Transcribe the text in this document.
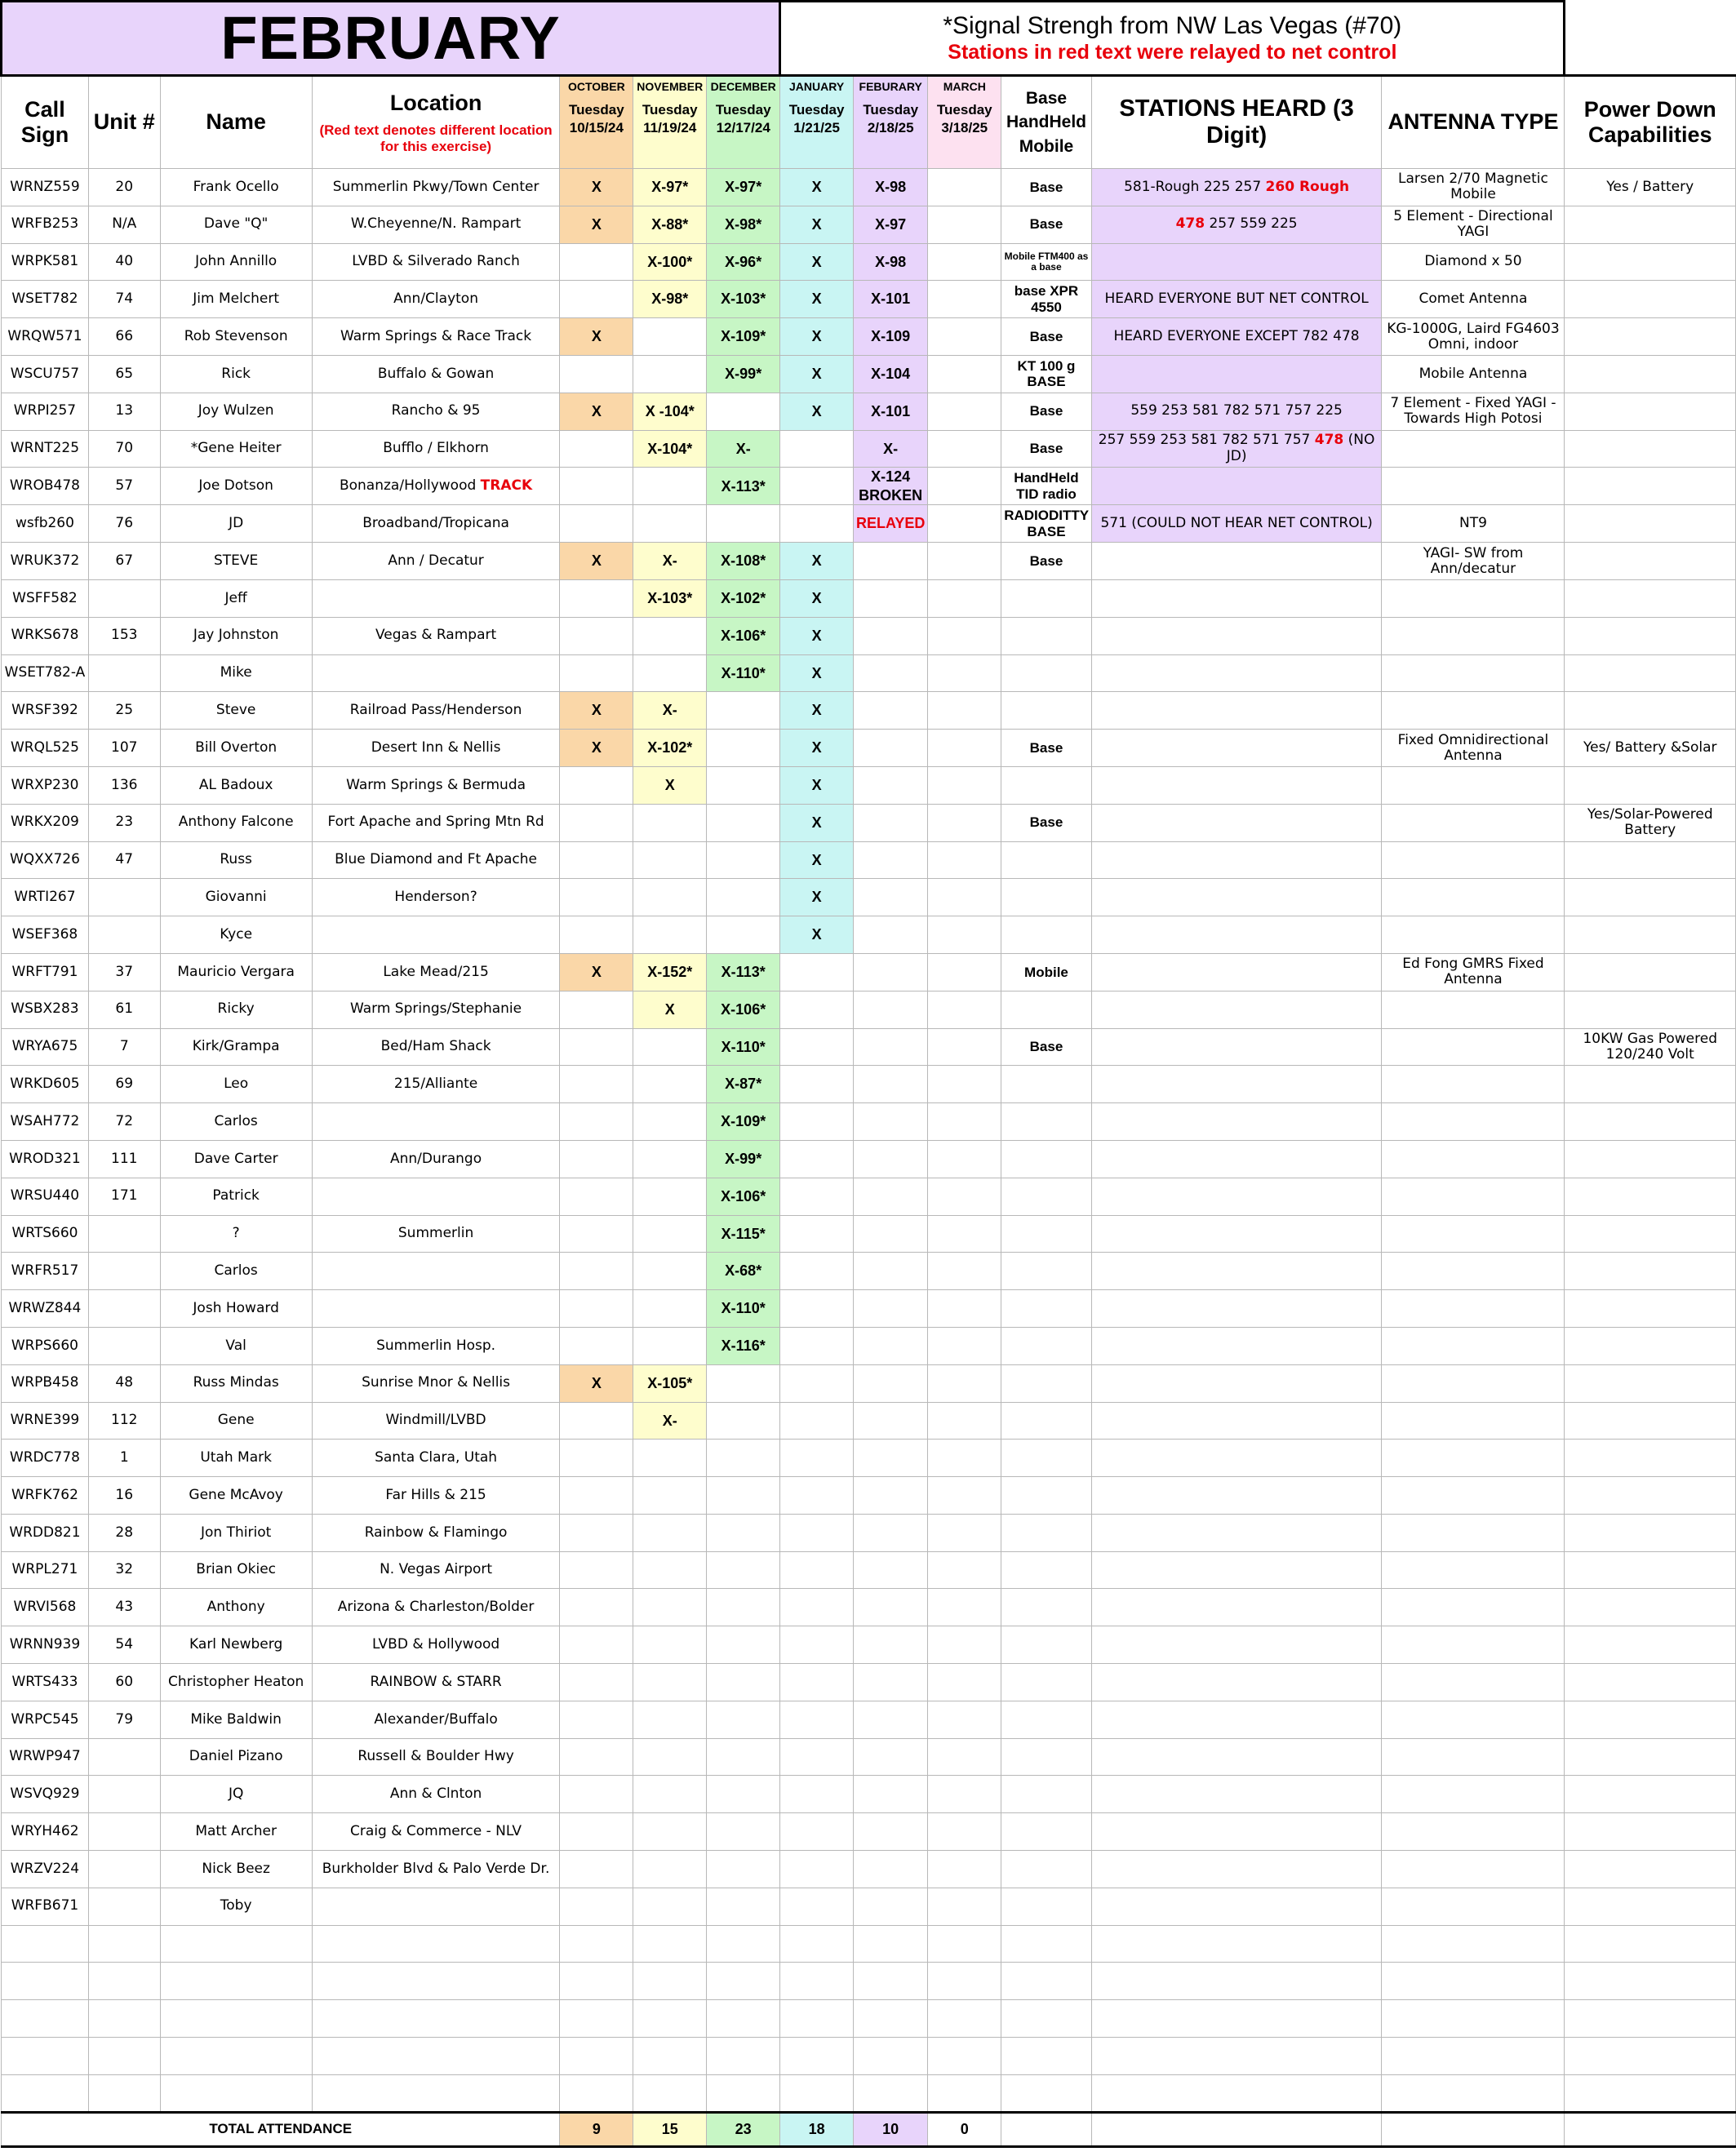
FEBRUARY							*Signal Strengh from NW Las Vegas (#70)
Stations in red text were relayed to net control						

Call Sign	Unit #	Name	Location
(Red text denotes different location for this exercise)	OCTOBER
Tuesday
10/15/24	NOVEMBER
Tuesday
11/19/24	DECEMBER
Tuesday
12/17/24	JANUARY
Tuesday
1/21/25	FEBURARY
Tuesday
2/18/25	MARCH
Tuesday
3/18/25	Base HandHeld Mobile	STATIONS HEARD (3 Digit)	ANTENNA TYPE	Power Down Capabilities
WRNZ559	20	Frank Ocello	Summerlin Pkwy/Town Center	X	X-97*	X-97*	X	X-98		Base	581-Rough 225 257 260 Rough	Larsen 2/70 Magnetic Mobile	Yes / Battery
WRFB253	N/A	Dave "Q"	W.Cheyenne/N. Rampart	X	X-88*	X-98*	X	X-97		Base	478 257 559 225	5 Element - Directional YAGI	
WRPK581	40	John Annillo	LVBD & Silverado Ranch		X-100*	X-96*	X	X-98		Mobile FTM400 as a base		Diamond x 50	
WSET782	74	Jim Melchert	Ann/Clayton		X-98*	X-103*	X	X-101		base XPR 4550	HEARD EVERYONE BUT NET CONTROL	Comet Antenna	
WRQW571	66	Rob Stevenson	Warm Springs & Race Track	X		X-109*	X	X-109		Base	HEARD EVERYONE EXCEPT 782 478	KG-1000G, Laird FG4603 Omni, indoor	
WSCU757	65	Rick	Buffalo & Gowan			X-99*	X	X-104		KT 100 g BASE		Mobile Antenna	
WRPI257	13	Joy Wulzen	Rancho & 95	X	X -104*		X	X-101		Base	559 253 581 782 571 757 225	7 Element - Fixed YAGI - Towards High Potosi	
WRNT225	70	*Gene Heiter	Bufflo / Elkhorn		X-104*	X-		X-		Base	257 559 253 581 782 571 757 478 (NO JD)		
WROB478	57	Joe Dotson	Bonanza/Hollywood TRACK			X-113*		X-124 BROKEN		HandHeld TID radio			
wsfb260	76	JD	Broadband/Tropicana					RELAYED		RADIODITTY BASE	571 (COULD NOT HEAR NET CONTROL)	NT9	
WRUK372	67	STEVE	Ann / Decatur	X	X-	X-108*	X			Base		YAGI- SW from Ann/decatur	
WSFF582		Jeff			X-103*	X-102*	X						
WRKS678	153	Jay Johnston	Vegas & Rampart			X-106*	X						
WSET782-A		Mike				X-110*	X						
WRSF392	25	Steve	Railroad Pass/Henderson	X	X-		X						
WRQL525	107	Bill Overton	Desert Inn & Nellis	X	X-102*		X			Base		Fixed Omnidirectional Antenna	Yes/ Battery &Solar
WRXP230	136	AL Badoux	Warm Springs & Bermuda		X		X						
WRKX209	23	Anthony Falcone	Fort Apache and Spring Mtn Rd				X			Base			Yes/Solar-Powered Battery
WQXX726	47	Russ	Blue Diamond and Ft Apache				X						
WRTI267		Giovanni	Henderson?				X						
WSEF368		Kyce					X						
WRFT791	37	Mauricio Vergara	Lake Mead/215	X	X-152*	X-113*				Mobile		Ed Fong GMRS Fixed Antenna	
WSBX283	61	Ricky	Warm Springs/Stephanie		X	X-106*							
WRYA675	7	Kirk/Grampa	Bed/Ham Shack			X-110*				Base			10KW Gas Powered 120/240 Volt
WRKD605	69	Leo	215/Alliante			X-87*							
WSAH772	72	Carlos				X-109*							
WROD321	111	Dave Carter	Ann/Durango			X-99*							
WRSU440	171	Patrick				X-106*							
WRTS660		?	Summerlin			X-115*							
WRFR517		Carlos				X-68*							
WRWZ844		Josh Howard				X-110*							
WRPS660		Val	Summerlin Hosp.			X-116*							
WRPB458	48	Russ Mindas	Sunrise Mnor & Nellis	X	X-105*								
WRNE399	112	Gene	Windmill/LVBD		X-								
WRDC778	1	Utah Mark	Santa Clara, Utah										
WRFK762	16	Gene McAvoy	Far Hills & 215										
WRDD821	28	Jon Thiriot	Rainbow & Flamingo										
WRPL271	32	Brian Okiec	N. Vegas Airport										
WRVI568	43	Anthony	Arizona & Charleston/Bolder										
WRNN939	54	Karl Newberg	LVBD & Hollywood										
WRTS433	60	Christopher Heaton	RAINBOW & STARR										
WRPC545	79	Mike Baldwin	Alexander/Buffalo										
WRWP947		Daniel Pizano	Russell & Boulder Hwy										
WSVQ929		JQ	Ann & Clnton										
WRYH462		Matt Archer	Craig & Commerce - NLV										
WRZV224		Nick Beez	Burkholder Blvd & Palo Verde Dr.										
WRFB671		Toby											

TOTAL ATTENDANCE				9	15	23	18	10	0				
